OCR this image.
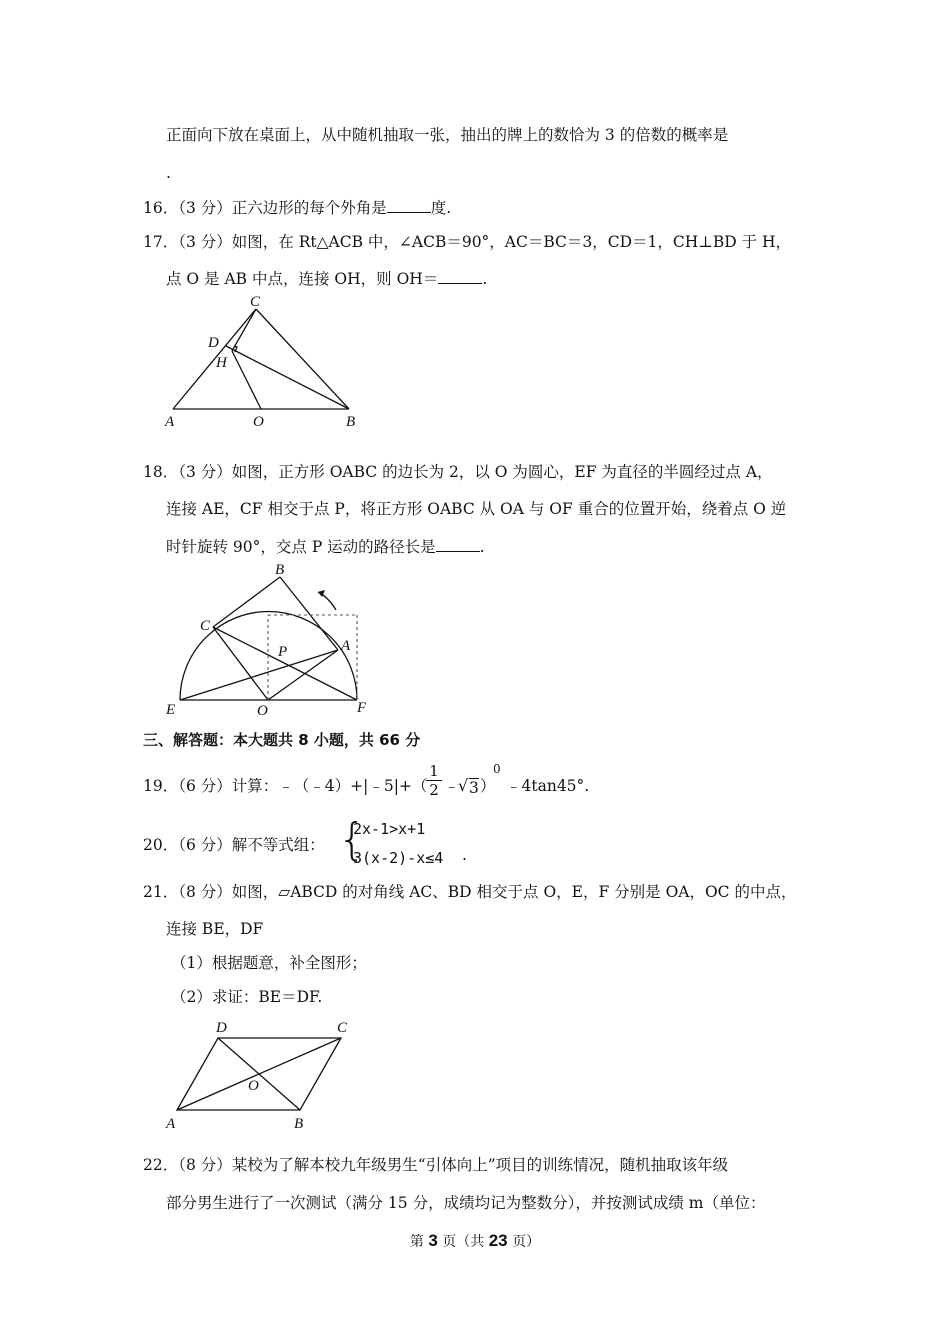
正面向下放在桌面上，从中随机抽取一张，抽出的牌上的数恰为 3 的倍数的概率是
.
16．（3 分）正六边形的每个外角是	度.
17．（3 分）如图，在 Rt△ACB 中，∠ACB＝90°，AC＝BC＝3，CD＝1，CH⊥BD 于 H，
点 O 是 AB 中点，连接 OH，则 OH＝	.
C
D
H
A	O	B
18．（3 分）如图，正方形 OABC 的边长为 2，以 O 为圆心，EF 为直径的半圆经过点 A，
连接 AE，CF 相交于点 P，将正方形 OABC 从 OA 与 OF 重合的位置开始，绕着点 O 逆
时针旋转 90°，交点 P 运动的路径长是	.
B
C
A
P
E	O	F
三、解答题：本大题共 8 小题，共 66 分
19．（6 分）计算：﹣（﹣4）+|﹣5|+（
1
2 ﹣
√ 3 ）
0
﹣4tan45°.
20．（6 分）解不等式组： {
2x-1>x+1
3(x-2)-x≤4 .
21．（8 分）如图，▱ABCD 的对角线 AC、BD 相交于点 O，E，F 分别是 OA，OC 的中点，
连接 BE，DF
（1）根据题意，补全图形；
（2）求证：BE＝DF.
D	C
O
A	B
22．（8 分）某校为了解本校九年级男生“引体向上”项目的训练情况，随机抽取该年级
部分男生进行了一次测试（满分 15 分，成绩均记为整数分），并按测试成绩 m（单位：
第 3 页（共 23 页）
